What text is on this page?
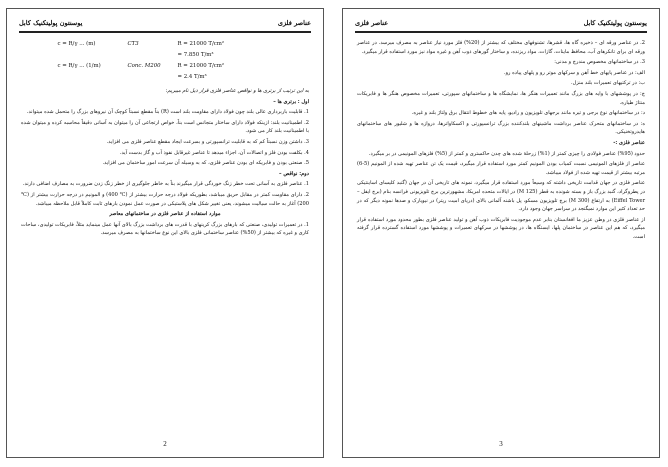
عناصر فلزی
یوسنتون پولیتکنیک کابل
c = R/γ ... (m)	CT3	R = 21000 T/cm²
= 7.850 T/m³
c = R/γ ... (1/m)	Conc. M200	R = 21000 T/cm²
= 2.4 T/m³

به این ترتیب از برتری ها و نواقص عناصر فلزی قرار ذیل نام میبریم:

اول : برتری ها –

1. قابلیت باربرداری عالی بلند چون فولاد دارای مقاومت بلند است (R) بناً مقطع نسبتاً کوچک آن نیروهای بزرگ را متحمل شده میتواند.

2. اطمینانیت بلند: ازینکه فولاد دارای ساختار متجانس است بناً، خواص ارتجاعی آن را میتوان به آسانی دقیقاً محاسبه کرده و میتوان شده با اطمینانیت بلند کار می شود.

3. داشتن وزن نسبتاً کم که به قابلیت ترانسپورتی و بسرعت ایجاد مقطع عناصر فلزی می افزاید.

4. بکلفت بودن فلز و اتصالات آن، اجزاء میدهد تا عناصر غیرقابل نفوذ آب و گاز بدست آید.

5. صنعتی بودن و فابریکه ای بودن عناصر فلزی، که به وسیله آن سرعت امور ساختمان می افزاید.

دوم: نواقص –

1. عناصر فلزی به آسانی تحت خطر زنگ خوردگی قرار میگیرند بناً به خاطر جلوگیری از خطر زنگ زدن ضرورت به مصارف اضافی دارند.

2. دارای مقاومت کمتر در مقابل حریق میباشد، بطوریکه فولاد درجه حرارت بیشتر از (℃ 400) و المونیم در درجه حرارت بیشتر از (℃ 200) آغاز به حالت سیالیت میشوند، یعنی تغییر شکل های پلاستیکی در صورت عمل نمودن بارهای ثابت کاملاً قابل ملاحظه میباشد.

موارد استفاده از عناصر فلزی در ساختمانهای معاصر

1. در تعمیرات تولیدی، صنعتی که بارهای بزرگ کرینهای با قدرت های برداشت بزرگ بالای آنها عمل مینماید مثلاً، فابریکات تولیدی، ساحات کاری و غیره که بیشتر از (50%) عناصر ساختمانی فلزی بالای این نوع ساختمانها به مصرف میرسد.

2
یوسنتون پولیتکنیک کابل
عناصر فلزی

2. در عناصر ورقه ای – ذخیره گاه ها، قشرها، تشنوفهای مختلف که بیشتر از (20%) فلز مورد نیاز عناصر به مصرف میرسد. در عناصر ورقه ای برای تانکرهای آب، محافظ ماینات، گازات، مواد ریزنده، و ساختار گورهای ذوب آهن و غیره مواد نیز مورد استفاده قرار میگیرد.

3. در ساختمانهای مخصوص مندرج و مدنی:

الف: در عناصر پایهای خط آهن و سرکهای موتر رو و پلهای پیاده رو.

ب: در ترکتیهای تعمیرات بلند منزل.

ج: در پوششهای با وایه های بزرگ مانند تعمیرات هنگر ها، نمایشگاه ها و ساختمانهای سپورتی، تعمیرات مخصوص هنگر ها و فابریکات منتاژ طیاره.

د: در ساختمانهای نوع برجی و تیره مانند برجهای تلویزیون و رادیو، پایه های خطوط انتقال برق ولتاژ بلند و غیره.

ه: در ساختمانهای متحرک عناصر برداشت ماشینهای بلندکننده بزرگ ترانسپورتی و اکسکاواترها، دروازه ها و شلیور های ساختمانهای هایدروتخنیکی.

عناصر فلزی :-

حدود (95%) عناصر فولادی را چیزی کمتر از (1%) زرحلهٔ شده های چدن حاکستری و کمتر از (5%) فلزهای المونیمی در بر میگیرد.

عناصر از فلزهای المونیمی نسبت کمیاب بودن المونیم کمتر مورد استفاده قرار میگیرد، قیمت یک تن عناصر تهیه شده از المونیم (5-6) مرتبه بیشتر از قیمت تهیه شده از فولاد میباشد.

عناصر فلزی در جهان قدامت تاریخی داشته که وسیعاً مورد استفاده قرار میگیرد، نمونه های تاریخی آن در جهان (گنبد کلیسای اساینتیکی در پطروگراد، گنبد بزرگ باز و بسته شونده به قطر (125 M) در ایالات متحده امریکا، مشهورترین برج تلویزیونی فرانسه بنام (برج ایفل – Eiffel Tower) به ارتفاع (300 M) برج تلویزیون مسکو، پل باشنه آلمانی بالای (دریای امیت ریتر) در نیویارک و صدها نمونه دیگر که در حد تعداد کثیر این موارد نمیگنجد در سراسر جهان وجود دارد.

از عناصر فلزی در وطن عزیز ما افغانستان بنابر عدم موجودیت فابریکات ذوب آهن و تولید عناصر فلزی بطور محدود مورد استفاده قرار میگیرد، که هم این عناصر در ساختمان پلها، ایستگاه ها، در پوششها در سرکهای تعمیرات و پوششها مورد استفاده گسترده قرار گرفته است.

3
